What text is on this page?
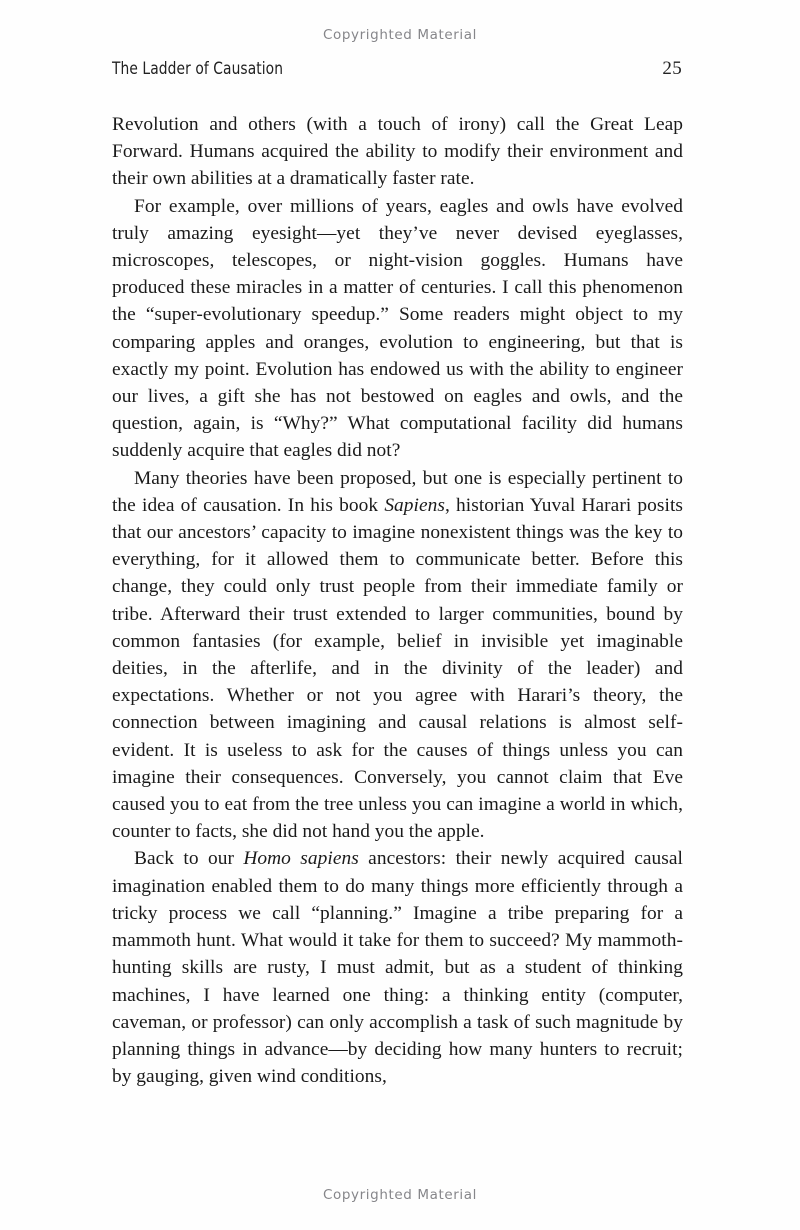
Copyrighted Material
The Ladder of Causation	25

Revolution and others (with a touch of irony) call the Great Leap Forward. Humans acquired the ability to modify their environment and their own abilities at a dramatically faster rate.

For example, over millions of years, eagles and owls have evolved truly amazing eyesight—yet they’ve never devised eyeglasses, microscopes, telescopes, or night-vision goggles. Humans have produced these miracles in a matter of centuries. I call this phenomenon the “super-evolutionary speedup.” Some readers might object to my comparing apples and oranges, evolution to engineering, but that is exactly my point. Evolution has endowed us with the ability to engineer our lives, a gift she has not bestowed on eagles and owls, and the question, again, is “Why?” What computational facility did humans suddenly acquire that eagles did not?

Many theories have been proposed, but one is especially pertinent to the idea of causation. In his book Sapiens, historian Yuval Harari posits that our ancestors’ capacity to imagine nonexistent things was the key to everything, for it allowed them to communicate better. Before this change, they could only trust people from their immediate family or tribe. Afterward their trust extended to larger communities, bound by common fantasies (for example, belief in invisible yet imaginable deities, in the afterlife, and in the divinity of the leader) and expectations. Whether or not you agree with Harari’s theory, the connection between imagining and causal relations is almost self-evident. It is useless to ask for the causes of things unless you can imagine their consequences. Conversely, you cannot claim that Eve caused you to eat from the tree unless you can imagine a world in which, counter to facts, she did not hand you the apple.

Back to our Homo sapiens ancestors: their newly acquired causal imagination enabled them to do many things more efficiently through a tricky process we call “planning.” Imagine a tribe preparing for a mammoth hunt. What would it take for them to succeed? My mammoth-hunting skills are rusty, I must admit, but as a student of thinking machines, I have learned one thing: a thinking entity (computer, caveman, or professor) can only accomplish a task of such magnitude by planning things in advance—by deciding how many hunters to recruit; by gauging, given wind conditions,

Copyrighted Material
